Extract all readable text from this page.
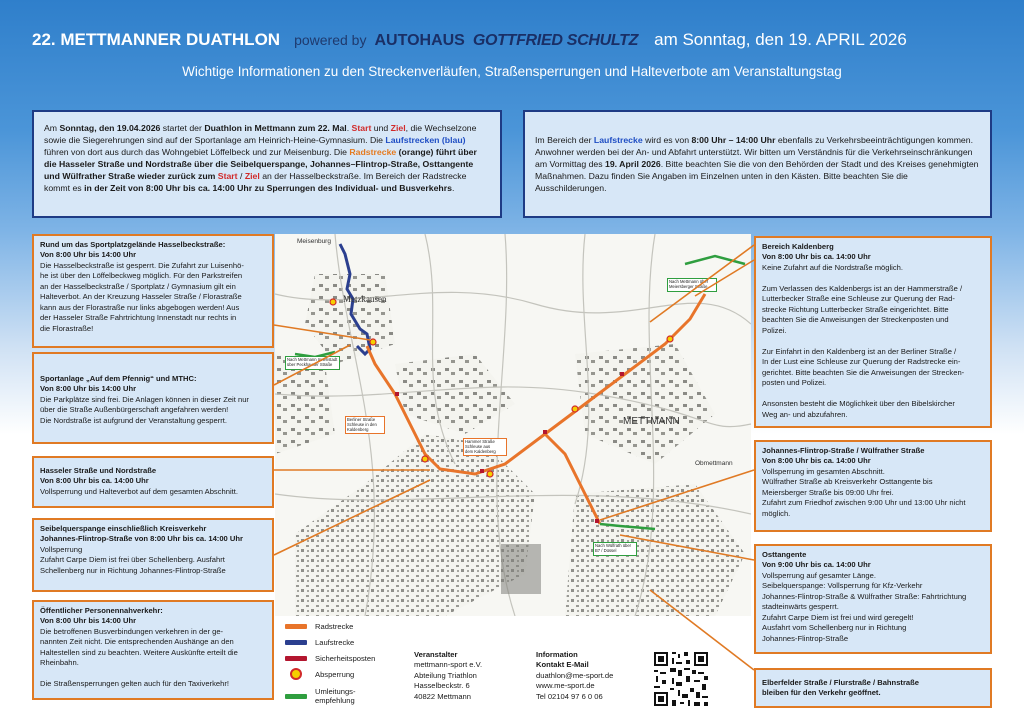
22. METTMANNER DUATHLON powered by AUTOHAUS GOTTFRIED SCHULTZ am Sonntag, den 19. APRIL 2026
Wichtige Informationen zu den Streckenverläufen, Straßensperrungen und Halteverbote am Veranstaltungstag
Am Sonntag, den 19.04.2026 startet der Duathlon in Mettmann zum 22. Mal. Start und Ziel, die Wechselzone sowie die Siegerehrungen sind auf der Sportanlage am Heinrich-Heine-Gymnasium. Die Laufstrecken (blau) führen von dort aus durch das Wohngebiet Löffelbeck und zur Meisenburg. Die Radstrecke (orange) führt über die Hasseler Straße und Nordstraße über die Seibelquerspange, Johannes–Flintrop-Straße, Osttangente und Wülfrather Straße wieder zurück zum Start / Ziel an der Hasselbeckstraße. Im Bereich der Radstrecke kommt es in der Zeit von 8:00 Uhr bis ca. 14:00 Uhr zu Sperrungen des Individual- und Busverkehrs.
Im Bereich der Laufstrecke wird es von 8:00 Uhr – 14:00 Uhr ebenfalls zu Verkehrsbeeinträchtigungen kommen. Anwohner werden bei der An- und Abfahrt unterstützt. Wir bitten um Verständnis für die Verkehrseinschränkungen am Vormittag des 19. April 2026. Bitte beachten Sie die von den Behörden der Stadt und des Kreises genehmigten Maßnahmen. Dazu finden Sie Angaben im Einzelnen unten in den Kästen. Bitte beachten Sie die Ausschilderungen.
Meisenburg
Metzkausen
METTMANN
Obmettmann
Nach Mettmann Innenstadt
über Peckhauser Straße
Berliner Straße
Schleuse in den
Kaldenberg
Hammer Straße
Schleuse aus
dem Kaldenberg
Nach Mettmann über
Meiersberger Straße
Nach Wülfrath über
B7 / Düssel
Rund um das Sportplatzgelände Hasselbeckstraße:
Von 8:00 Uhr bis 14:00 Uhr
Die Hasselbeckstraße ist gesperrt. Die Zufahrt zur Luisenhö-
he ist über den Löffelbeckweg möglich. Für den Parkstreifen
an der Hasselbeckstraße / Sportplatz / Gymnasium gilt ein
Halteverbot. An der Kreuzung Hasseler Straße / Florastraße
kann aus der Florastraße nur links abgebogen werden! Aus
der Hasseler Straße Fahrtrichtung Innenstadt nur rechts in
die Florastraße!
Sportanlage „Auf dem Pfennig“ und MTHC:
Von 8:00 Uhr bis 14:00 Uhr
Die Parkplätze sind frei. Die Anlagen können in dieser Zeit nur
über die Straße Außenbürgerschaft angefahren werden!
Die Nordstraße ist aufgrund der Veranstaltung gesperrt.
Hasseler Straße und Nordstraße
Von 8:00 Uhr bis ca. 14:00 Uhr
Vollsperrung und Halteverbot auf dem gesamten Abschnitt.
Seibelquerspange einschließlich Kreisverkehr
Johannes-Flintrop-Straße von 8:00 Uhr bis ca. 14:00 Uhr
Vollsperrung
Zufahrt Carpe Diem ist frei über Schellenberg. Ausfahrt
Schellenberg nur in Richtung Johannes-Flintrop-Straße
Öffentlicher Personennahverkehr:
Von 8:00 Uhr bis 14:00 Uhr
Die betroffenen Busverbindungen verkehren in der ge-
nannten Zeit nicht. Die entsprechenden Aushänge an den
Haltestellen sind zu beachten. Weitere Auskünfte erteilt die
Rheinbahn.

Die Straßensperrungen gelten auch für den Taxiverkehr!
Bereich Kaldenberg
Von 8:00 Uhr bis ca. 14:00 Uhr
Keine Zufahrt auf die Nordstraße möglich.

Zum Verlassen des Kaldenbergs ist an der Hammerstraße /
Lutterbecker Straße eine Schleuse zur Querung der Rad-
strecke Richtung Lutterbecker Straße eingerichtet. Bitte
beachten Sie die Anweisungen der Streckenposten und
Polizei.

Zur Einfahrt in den Kaldenberg ist an der Berliner Straße /
In der Lust eine Schleuse zur Querung der Radstrecke ein-
gerichtet. Bitte beachten Sie die Anweisungen der Strecken-
posten und Polizei.

Ansonsten besteht die Möglichkeit über den Bibelskircher
Weg an- und abzufahren.
Johannes-Flintrop-Straße / Wülfrather Straße
Von 8:00 Uhr bis ca. 14:00 Uhr
Vollsperrung im gesamten Abschnitt.
Wülfrather Straße ab Kreisverkehr Osttangente bis
Meiersberger Straße bis 09:00 Uhr frei.
Zufahrt zum Friedhof zwischen 9:00 Uhr und 13:00 Uhr nicht
möglich.
Osttangente
Von 9:00 Uhr bis ca. 14:00 Uhr
Vollsperrung auf gesamter Länge.
Seibelquerspange: Vollsperrung für Kfz-Verkehr
Johannes-Flintrop-Straße & Wülfrather Straße: Fahrtrichtung
stadteinwärts gesperrt.
Zufahrt Carpe Diem ist frei und wird geregelt!
Ausfahrt vom Schellenberg nur in Richtung
Johannes-Flintrop-Straße
Elberfelder Straße / Flurstraße / Bahnstraße
bleiben für den Verkehr geöffnet.
Radstrecke
Laufstrecke
Sicherheitsposten
Absperrung
Umleitungs-
empfehlung
Veranstalter
mettmann-sport e.V.
Abteilung Triathlon
Hasselbeckstr. 6
40822 Mettmann
Information
Kontakt E-Mail
duathlon@me-sport.de
www.me-sport.de
Tel 02104 97 6 0 06
